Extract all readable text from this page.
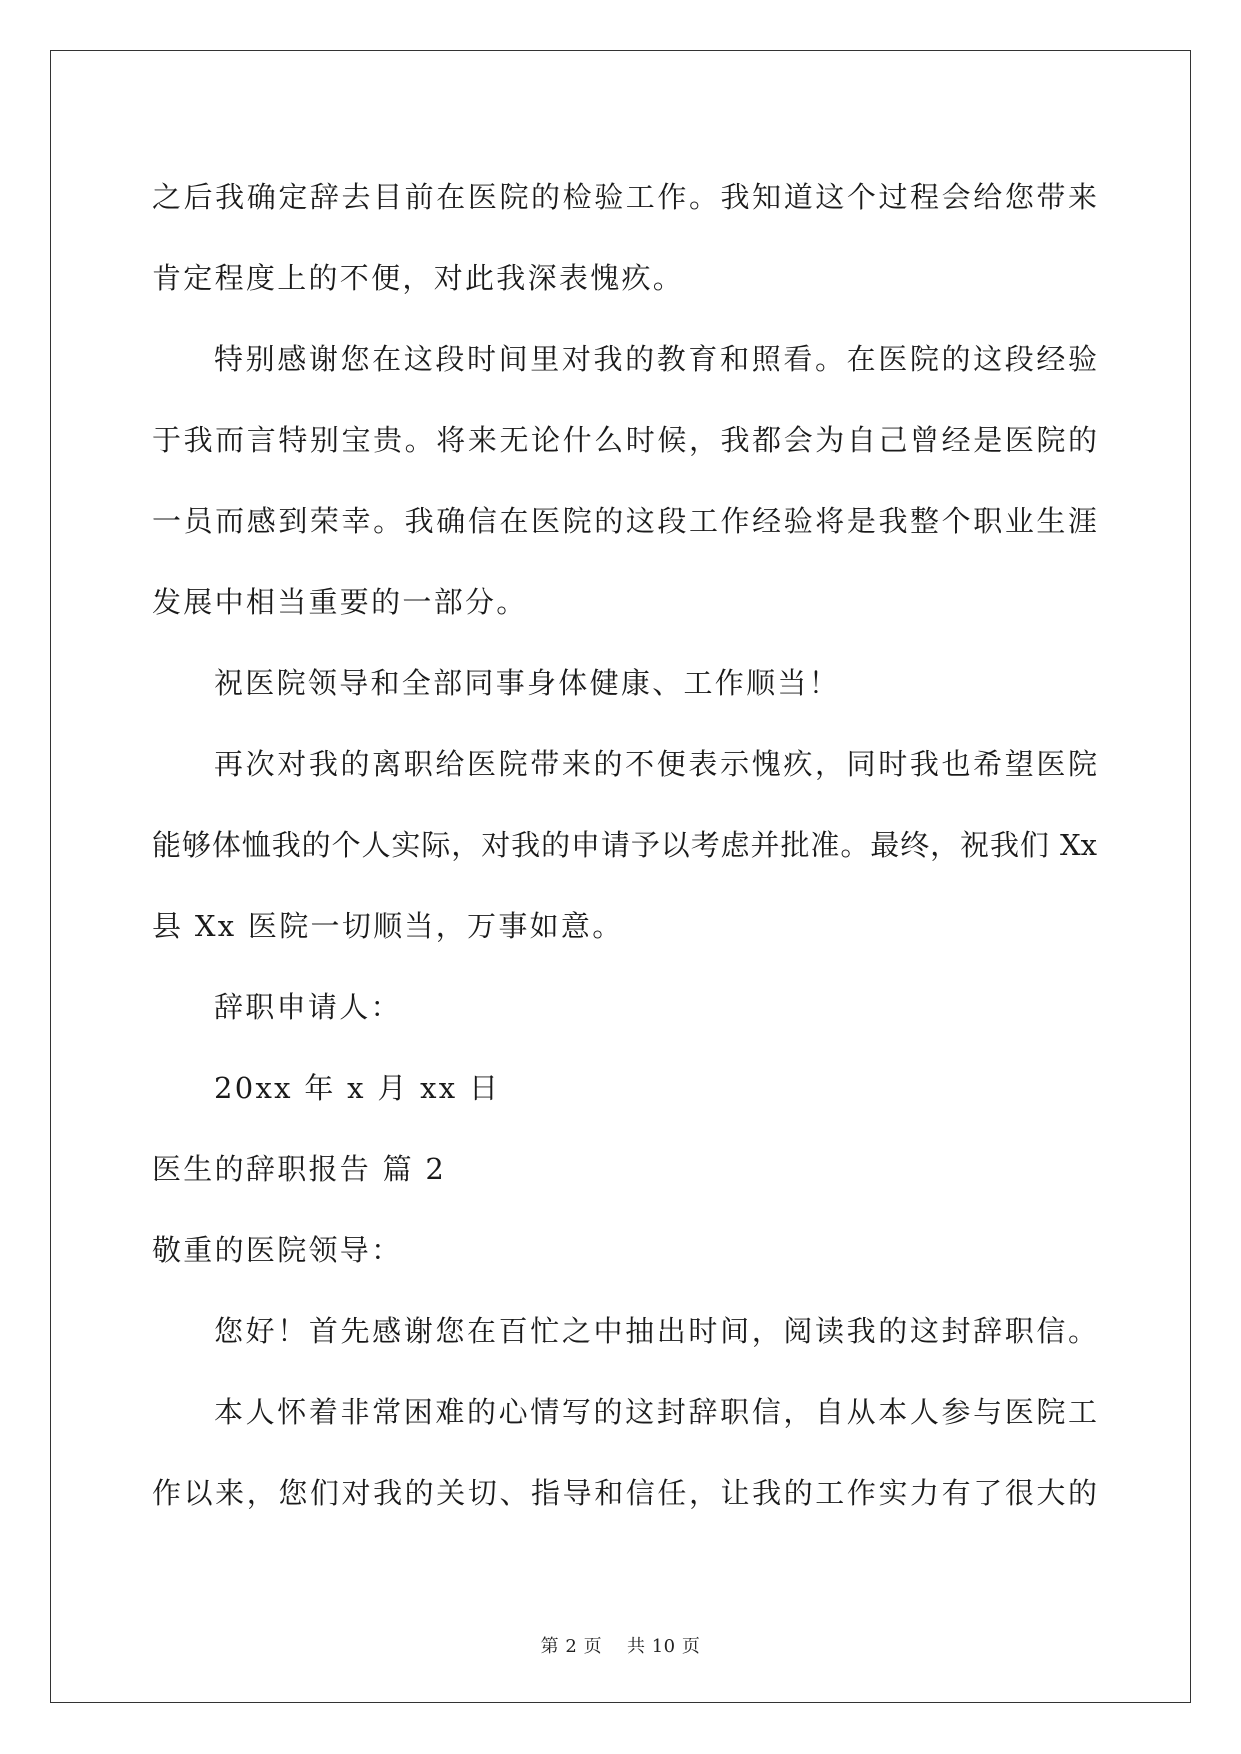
之后我确定辞去目前在医院的检验工作。我知道这个过程会给您带来
肯定程度上的不便，对此我深表愧疚。
特别感谢您在这段时间里对我的教育和照看。在医院的这段经验
于我而言特别宝贵。将来无论什么时候，我都会为自己曾经是医院的
一员而感到荣幸。我确信在医院的这段工作经验将是我整个职业生涯
发展中相当重要的一部分。
祝医院领导和全部同事身体健康、工作顺当！
再次对我的离职给医院带来的不便表示愧疚，同时我也希望医院
能够体恤我的个人实际，对我的申请予以考虑并批准。最终，祝我们 Xx
县 Xx 医院一切顺当，万事如意。
辞职申请人：
20xx 年 x 月 xx 日
医生的辞职报告 篇 2
敬重的医院领导：
您好！首先感谢您在百忙之中抽出时间，阅读我的这封辞职信。
本人怀着非常困难的心情写的这封辞职信，自从本人参与医院工
作以来，您们对我的关切、指导和信任，让我的工作实力有了很大的
第 2 页 共 10 页
